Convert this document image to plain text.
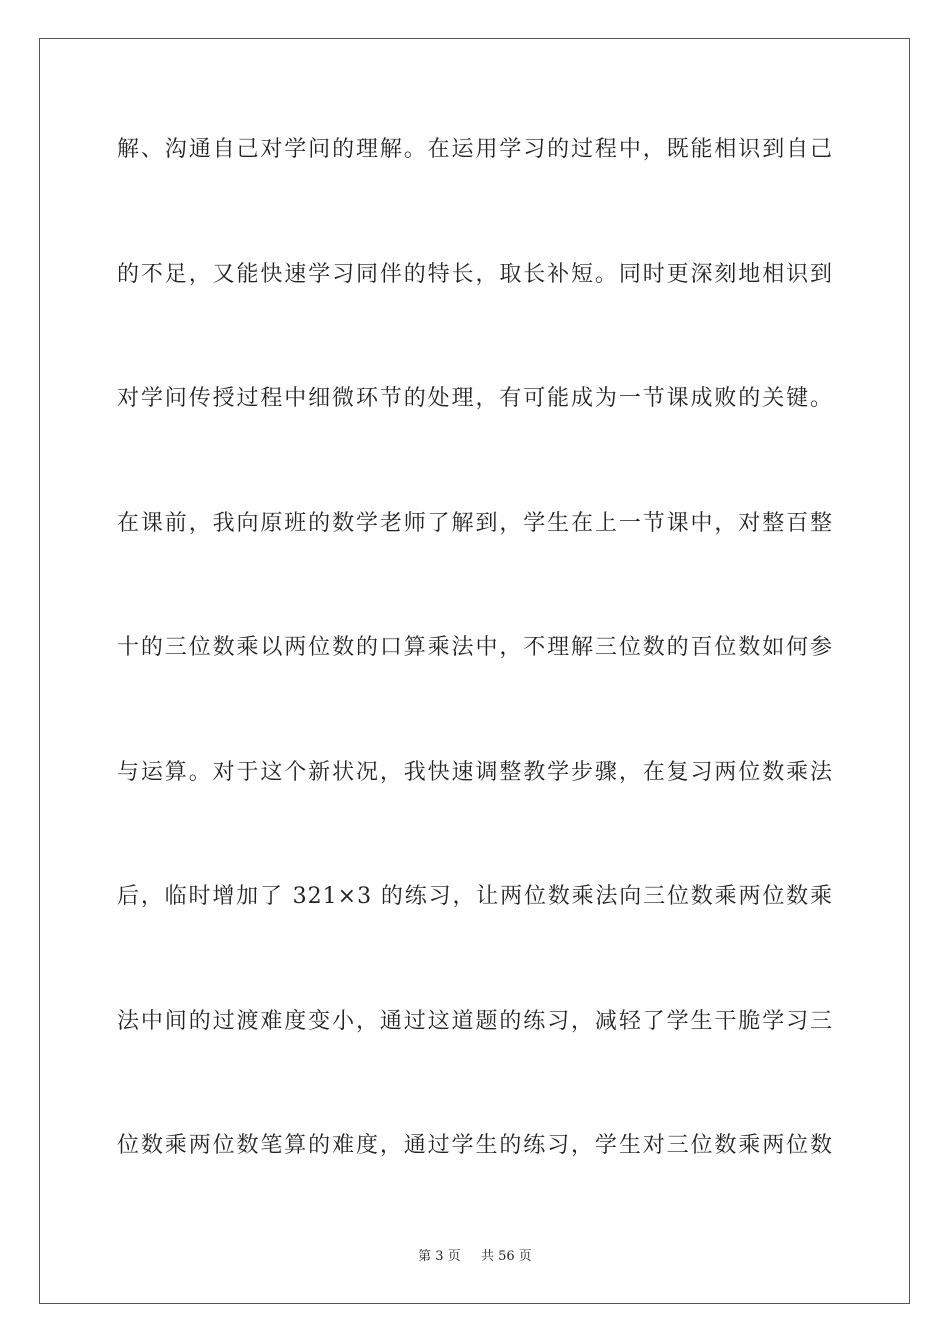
解、沟通自己对学问的理解。在运用学习的过程中，既能相识到自己
的不足，又能快速学习同伴的特长，取长补短。同时更深刻地相识到
对学问传授过程中细微环节的处理，有可能成为一节课成败的关键。
在课前，我向原班的数学老师了解到，学生在上一节课中，对整百整
十的三位数乘以两位数的口算乘法中，不理解三位数的百位数如何参
与运算。对于这个新状况，我快速调整教学步骤，在复习两位数乘法
后，临时增加了 321×3 的练习，让两位数乘法向三位数乘两位数乘
法中间的过渡难度变小，通过这道题的练习，减轻了学生干脆学习三
位数乘两位数笔算的难度，通过学生的练习，学生对三位数乘两位数
第 3 页 共 56 页
